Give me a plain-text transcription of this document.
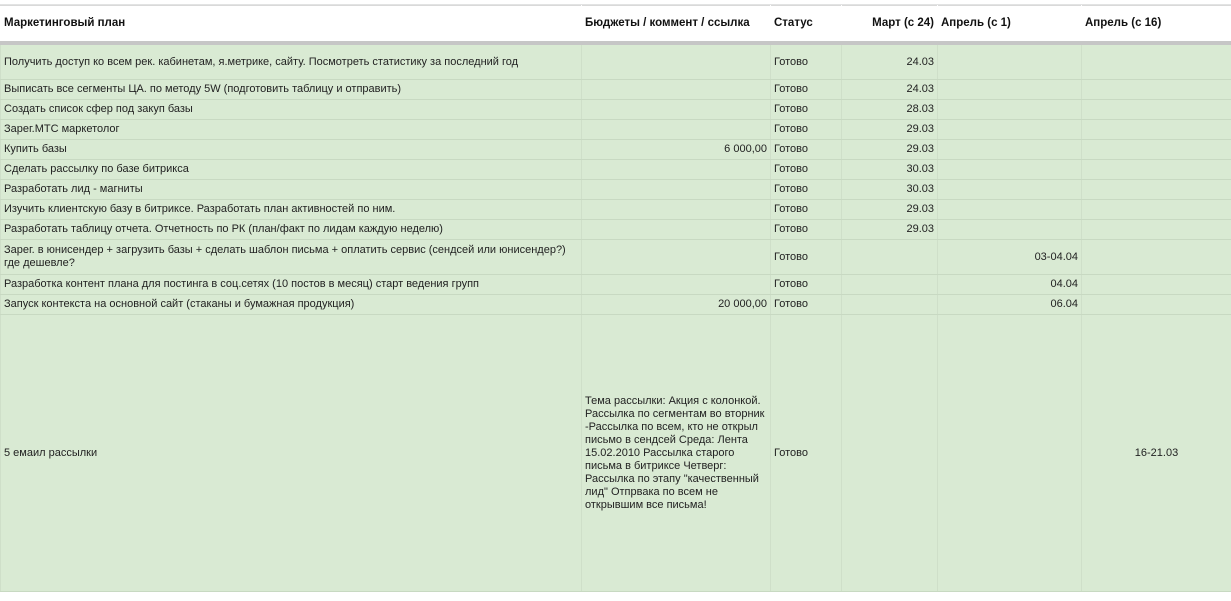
Маркетинговый план	Бюджеты / коммент / ссылка	Статус	Март (с 24)	Апрель (с 1)	Апрель (с 16)
Получить доступ ко всем рек. кабинетам, я.метрике, сайту. Посмотреть статистику за последний год		Готово	24.03		
Выписать все сегменты ЦА. по методу 5W (подготовить таблицу и отправить)		Готово	24.03		
Создать список сфер под закуп базы		Готово	28.03		
Зарег.МТС маркетолог		Готово	29.03		
Купить базы	6 000,00	Готово	29.03		
Сделать рассылку по базе битрикса		Готово	30.03		
Разработать лид - магниты		Готово	30.03		
Изучить клиентскую базу в битриксе. Разработать план активностей по ним.		Готово	29.03		
Разработать таблицу отчета. Отчетность по РК (план/факт по лидам каждую неделю)		Готово	29.03		
Зарег. в юнисендер + загрузить базы + сделать шаблон письма + оплатить сервис (сендсей или юнисендер?) где дешевле?		Готово		03-04.04	
Разработка контент плана для постинга в соц.сетях (10 постов в месяц) старт ведения групп		Готово		04.04	
Запуск контекста на основной сайт (стаканы и бумажная продукция)	20 000,00	Готово		06.04	
5 емаил рассылки	Тема рассылки: Акция с колонкой. Рассылка по сегментам во вторник -Рассылка по всем, кто не открыл письмо в сендсей Среда: Лента 15.02.2010 Рассылка старого письма в битриксе Четверг: Рассылка по этапу "качественный лид" Отпрвака по всем не открывшим все письма!	Готово			16-21.03
